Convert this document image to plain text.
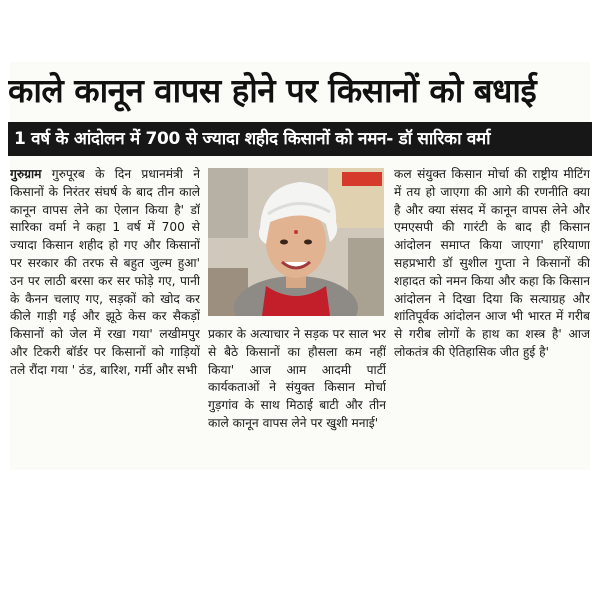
काले कानून वापस होने पर किसानों को बधाई
1 वर्ष के आंदोलन में 700 से ज्यादा शहीद किसानों को नमन- डॉ सारिका वर्मा
गुरुग्राम गुरुपूरब के दिन प्रधानमंत्री ने किसानों के निरंतर संघर्ष के बाद तीन काले कानून वापस लेने का ऐलान किया है' डॉ सारिका वर्मा ने कहा 1 वर्ष में 700 से ज्यादा किसान शहीद हो गए और किसानों पर सरकार की तरफ से बहुत जुल्म हुआ' उन पर लाठी बरसा कर सर फोड़े गए, पानी के कैनन चलाए गए, सड़कों को खोद कर कीले गाड़ी गई और झूठे केस कर सैकड़ों किसानों को जेल में रखा गया' लखीमपुर और टिकरी बॉर्डर पर किसानों को गाड़ियों तले रौंदा गया ' ठंड, बारिश, गर्मी और सभी
प्रकार के अत्याचार ने सड़क पर साल भर से बैठे किसानों का हौसला कम नहीं किया' आज आम आदमी पार्टी कार्यकताओं ने संयुक्त किसान मोर्चा गुड़गांव के साथ मिठाई बाटी और तीन काले कानून वापस लेने पर खुशी मनाई'
कल संयुक्त किसान मोर्चा की राष्ट्रीय मीटिंग में तय हो जाएगा की आगे की रणनीति क्या है और क्या संसद में कानून वापस लेने और एमएसपी की गारंटी के बाद ही किसान आंदोलन समाप्त किया जाएगा' हरियाणा सहप्रभारी डॉ सुशील गुप्ता ने किसानों की शहादत को नमन किया और कहा कि किसान आंदोलन ने दिखा दिया कि सत्याग्रह और शांतिपूर्वक आंदोलन आज भी भारत में गरीब से गरीब लोगों के हाथ का शस्त्र है' आज लोकतंत्र की ऐतिहासिक जीत हुई है'
